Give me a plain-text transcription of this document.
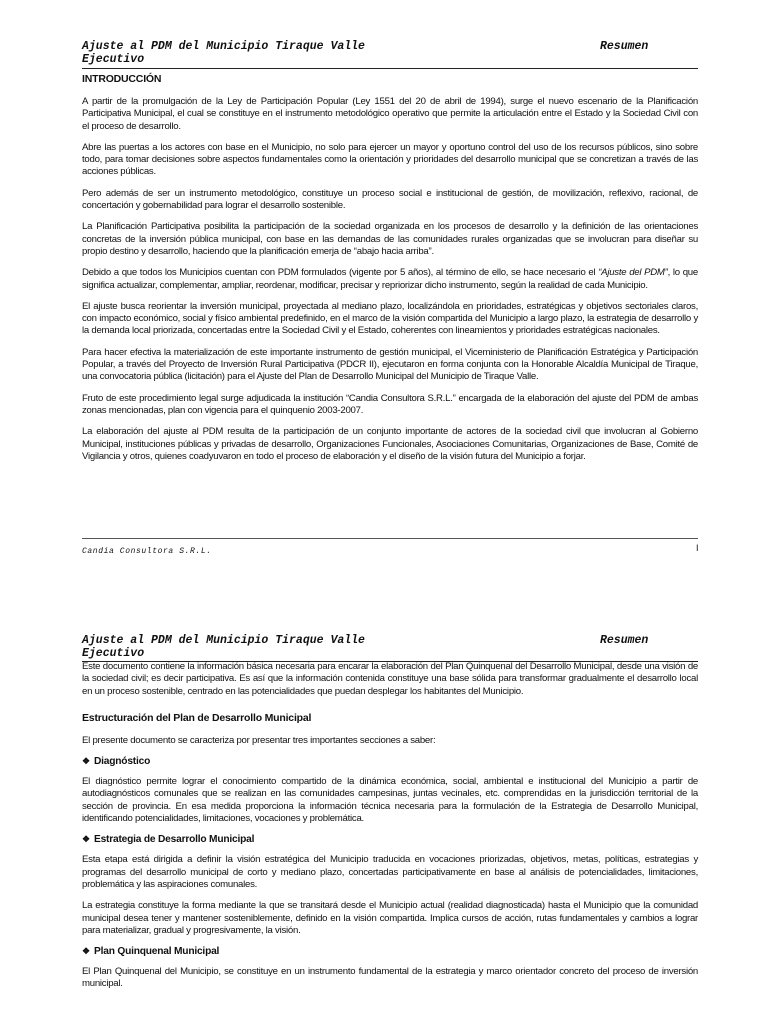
Ajuste al PDM del Municipio Tiraque Valle
Ejecutivo
Resumen
INTRODUCCIÓN

A partir de la promulgación de la Ley de Participación Popular (Ley 1551 del 20 de abril de 1994), surge el nuevo escenario de la Planificación Participativa Municipal, el cual se constituye en el instrumento metodológico operativo que permite la articulación entre el Estado y la Sociedad Civil con el proceso de desarrollo.

Abre las puertas a los actores con base en el Municipio, no solo para ejercer un mayor y oportuno control del uso de los recursos públicos, sino sobre todo, para tomar decisiones sobre aspectos fundamentales como la orientación y prioridades del desarrollo municipal que se concretizan a través de las acciones públicas.

Pero además de ser un instrumento metodológico, constituye un proceso social e institucional de gestión, de movilización, reflexivo, racional, de concertación y gobernabilidad para lograr el desarrollo sostenible.

La Planificación Participativa posibilita la participación de la sociedad organizada en los procesos de desarrollo y la definición de las orientaciones concretas de la inversión pública municipal, con base en las demandas de las comunidades rurales organizadas que se involucran para diseñar su propio destino y desarrollo, haciendo que la planificación emerja de “abajo hacia arriba”.

Debido a que todos los Municipios cuentan con PDM formulados (vigente por 5 años), al término de ello, se hace necesario el “Ajuste del PDM”, lo que significa actualizar, complementar, ampliar, reordenar, modificar, precisar y repriorizar dicho instrumento, según la realidad de cada Municipio.

El ajuste busca reorientar la inversión municipal, proyectada al mediano plazo, localizándola en prioridades, estratégicas y objetivos sectoriales claros, con impacto económico, social y físico ambiental predefinido, en el marco de la visión compartida del Municipio a largo plazo, la estrategia de desarrollo y la demanda local priorizada, concertadas entre la Sociedad Civil y el Estado, coherentes con lineamientos y prioridades estratégicas nacionales.

Para hacer efectiva la materialización de este importante instrumento de gestión municipal, el Viceministerio de Planificación Estratégica y Participación Popular, a través del Proyecto de Inversión Rural Participativa (PDCR II), ejecutaron en forma conjunta con la Honorable Alcaldía Municipal de Tiraque, una convocatoria pública (licitación) para el Ajuste del Plan de Desarrollo Municipal del Municipio de Tiraque Valle.

Fruto de este procedimiento legal surge adjudicada la institución “Candia Consultora S.R.L.” encargada de la elaboración del ajuste del PDM de ambas zonas mencionadas, plan con vigencia para el quinquenio 2003-2007.

La elaboración del ajuste al PDM resulta de la participación de un conjunto importante de actores de la sociedad civil que involucran al Gobierno Municipal, instituciones públicas y privadas de desarrollo, Organizaciones Funcionales, Asociaciones Comunitarias, Organizaciones de Base, Comité de Vigilancia y otros, quienes coadyuvaron en todo el proceso de elaboración y el diseño de la visión futura del Municipio a forjar.

Candia Consultora S.R.L.	I
Ajuste al PDM del Municipio Tiraque Valle
Ejecutivo
Resumen

Este documento contiene la información básica necesaria para encarar la elaboración del Plan Quinquenal del Desarrollo Municipal, desde una visión de la sociedad civil; es decir participativa. Es así que la información contenida constituye una base sólida para transformar gradualmente el desarrollo local en un proceso sostenible, centrado en las potencialidades que puedan desplegar los habitantes del Municipio.

Estructuración del Plan de Desarrollo Municipal

El presente documento se caracteriza por presentar tres importantes secciones a saber:

❖ Diagnóstico

El diagnóstico permite lograr el conocimiento compartido de la dinámica económica, social, ambiental e institucional del Municipio a partir de autodiagnósticos comunales que se realizan en las comunidades campesinas, juntas vecinales, etc. comprendidas en la jurisdicción territorial de la sección de provincia. En esa medida proporciona la información técnica necesaria para la formulación de la Estrategia de Desarrollo Municipal, identificando potencialidades, limitaciones, vocaciones y problemática.

❖ Estrategia de Desarrollo Municipal

Esta etapa está dirigida a definir la visión estratégica del Municipio traducida en vocaciones priorizadas, objetivos, metas, políticas, estrategias y programas del desarrollo municipal de corto y mediano plazo, concertadas participativamente en base al análisis de potencialidades, limitaciones, problemática y las aspiraciones comunales.

La estrategia constituye la forma mediante la que se transitará desde el Municipio actual (realidad diagnosticada) hasta el Municipio que la comunidad municipal desea tener y mantener sosteniblemente, definido en la visión compartida. Implica cursos de acción, rutas fundamentales y cambios a lograr para materializar, gradual y progresivamente, la visión.

❖ Plan Quinquenal Municipal

El Plan Quinquenal del Municipio, se constituye en un instrumento fundamental de la estrategia y marco orientador concreto del proceso de inversión municipal.
